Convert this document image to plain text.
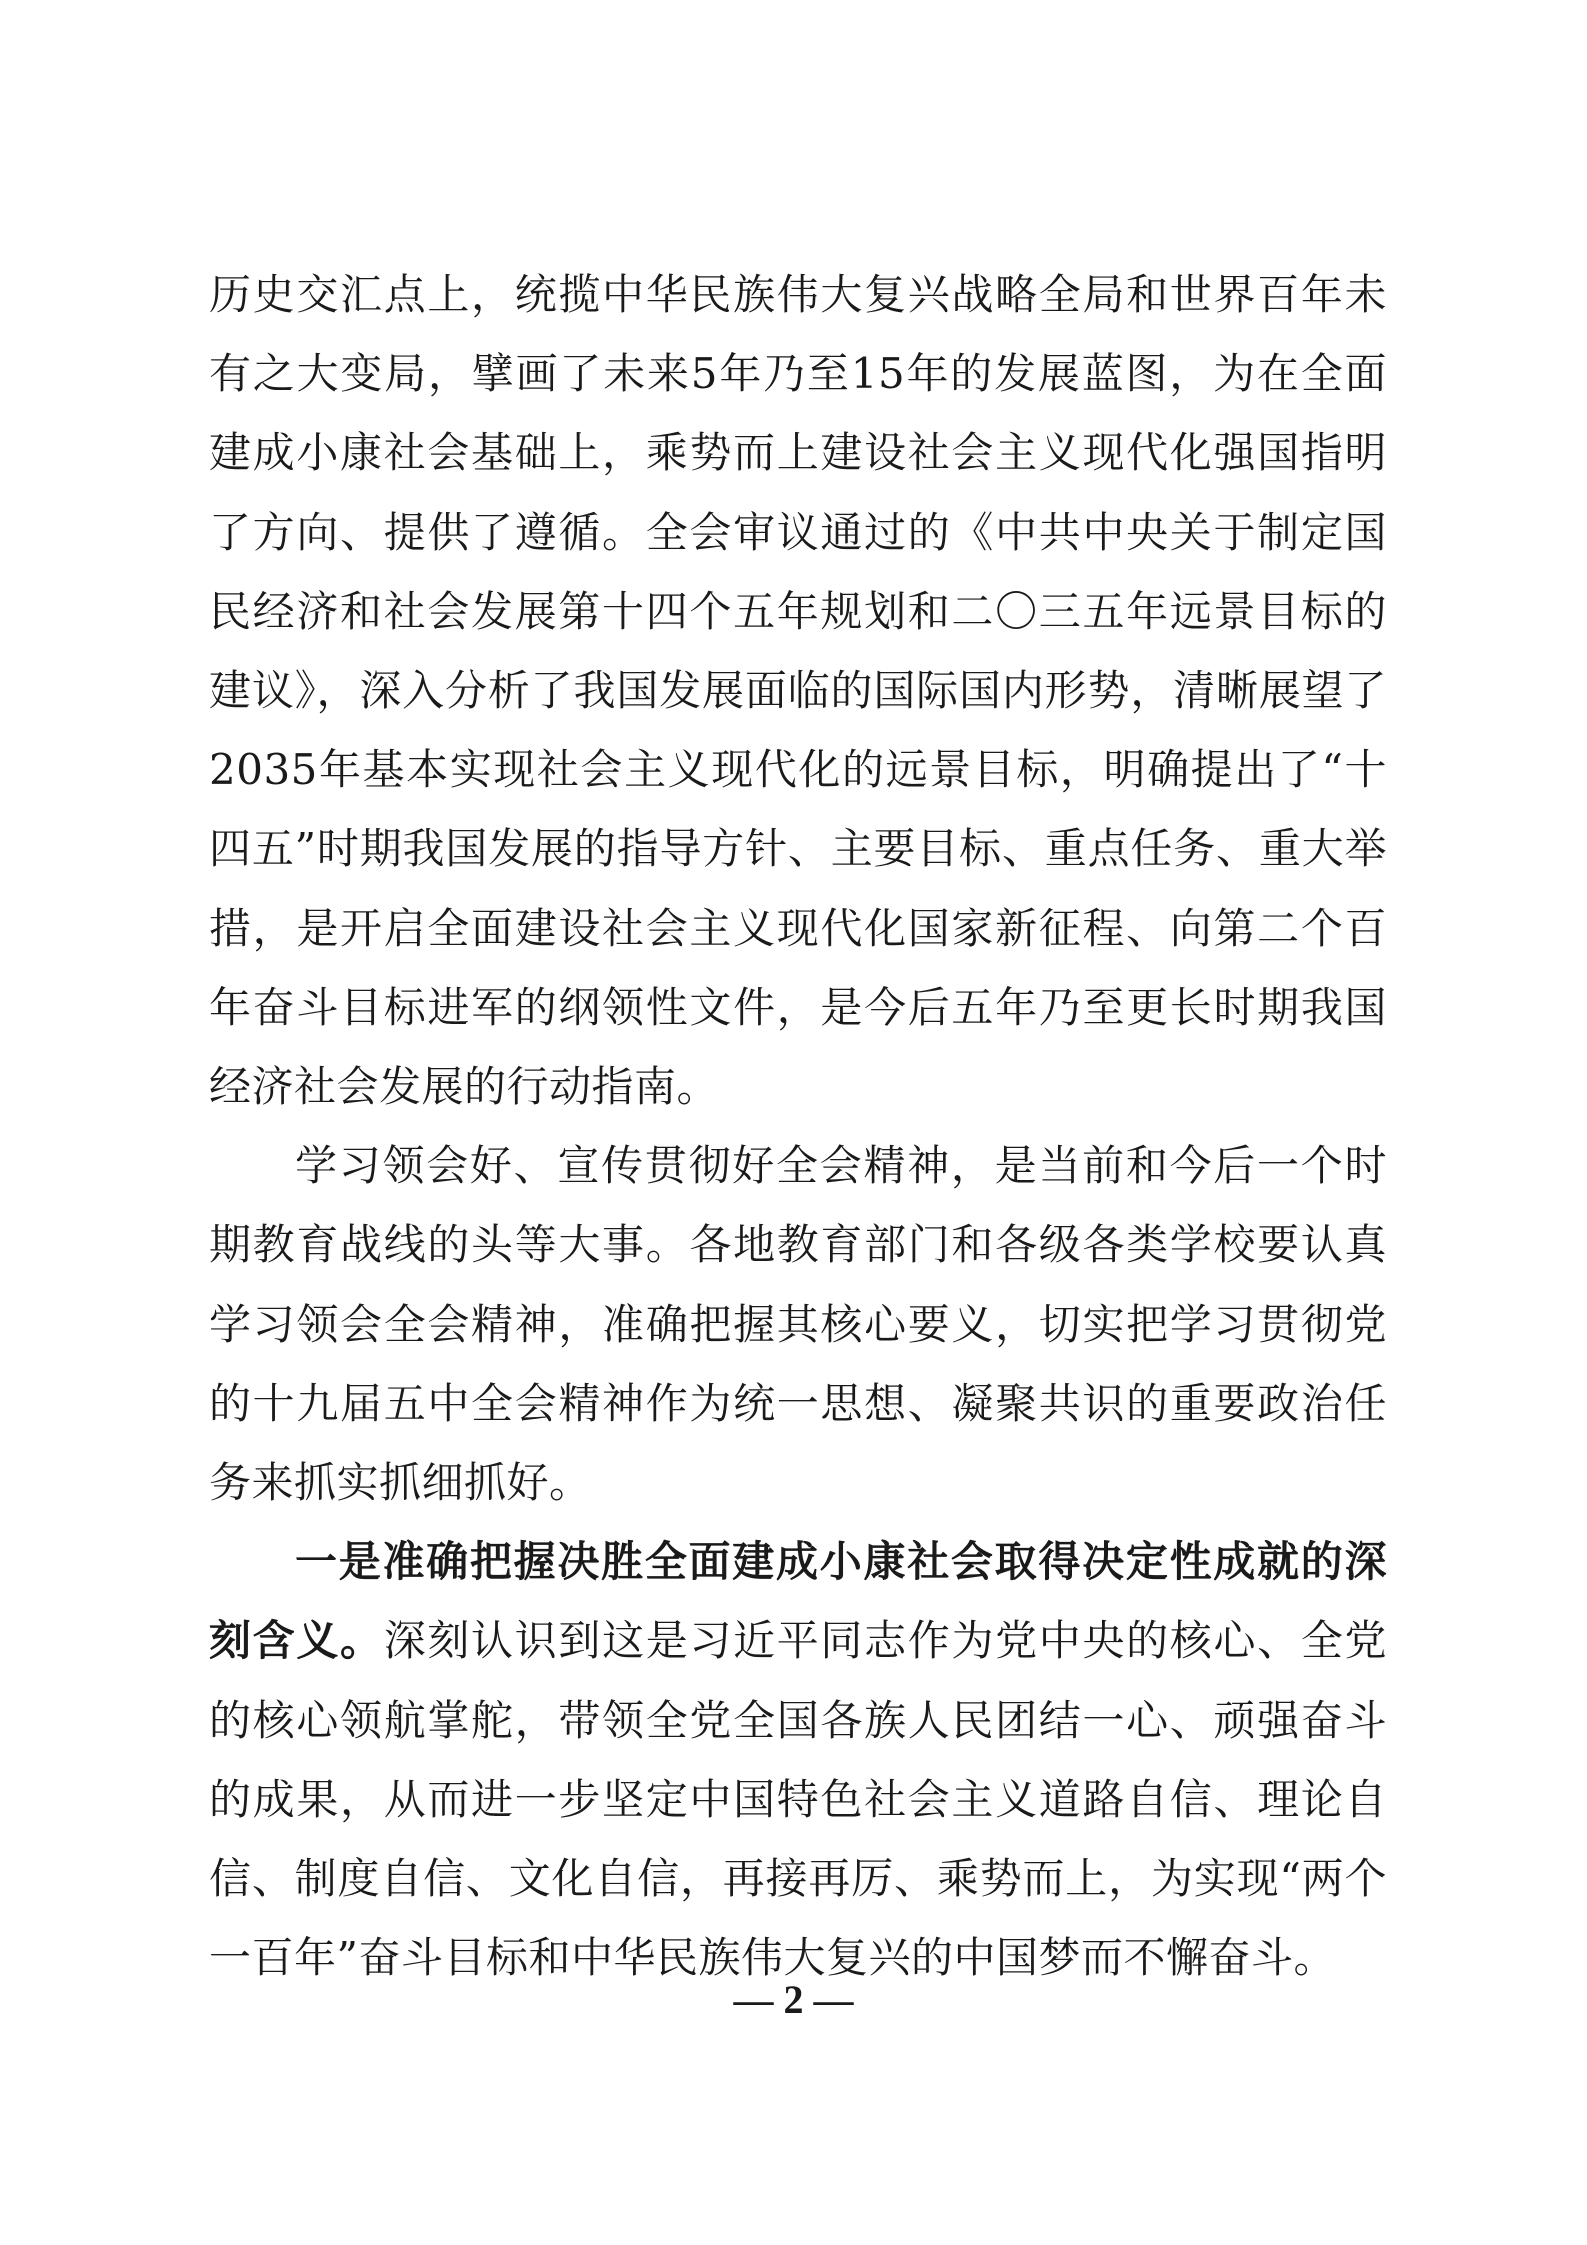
历史交汇点上，统揽中华民族伟大复兴战略全局和世界百年未有之大变局，擘画了未来5年乃至15年的发展蓝图，为在全面建成小康社会基础上，乘势而上建设社会主义现代化强国指明了方向、提供了遵循。全会审议通过的《中共中央关于制定国民经济和社会发展第十四个五年规划和二〇三五年远景目标的建议》，深入分析了我国发展面临的国际国内形势，清晰展望了2035年基本实现社会主义现代化的远景目标，明确提出了“十四五”时期我国发展的指导方针、主要目标、重点任务、重大举措，是开启全面建设社会主义现代化国家新征程、向第二个百年奋斗目标进军的纲领性文件，是今后五年乃至更长时期我国经济社会发展的行动指南。

学习领会好、宣传贯彻好全会精神，是当前和今后一个时期教育战线的头等大事。各地教育部门和各级各类学校要认真学习领会全会精神，准确把握其核心要义，切实把学习贯彻党的十九届五中全会精神作为统一思想、凝聚共识的重要政治任务来抓实抓细抓好。

一是准确把握决胜全面建成小康社会取得决定性成就的深刻含义。深刻认识到这是习近平同志作为党中央的核心、全党的核心领航掌舵，带领全党全国各族人民团结一心、顽强奋斗的成果，从而进一步坚定中国特色社会主义道路自信、理论自信、制度自信、文化自信，再接再厉、乘势而上，为实现“两个一百年”奋斗目标和中华民族伟大复兴的中国梦而不懈奋斗。

— 2 —
